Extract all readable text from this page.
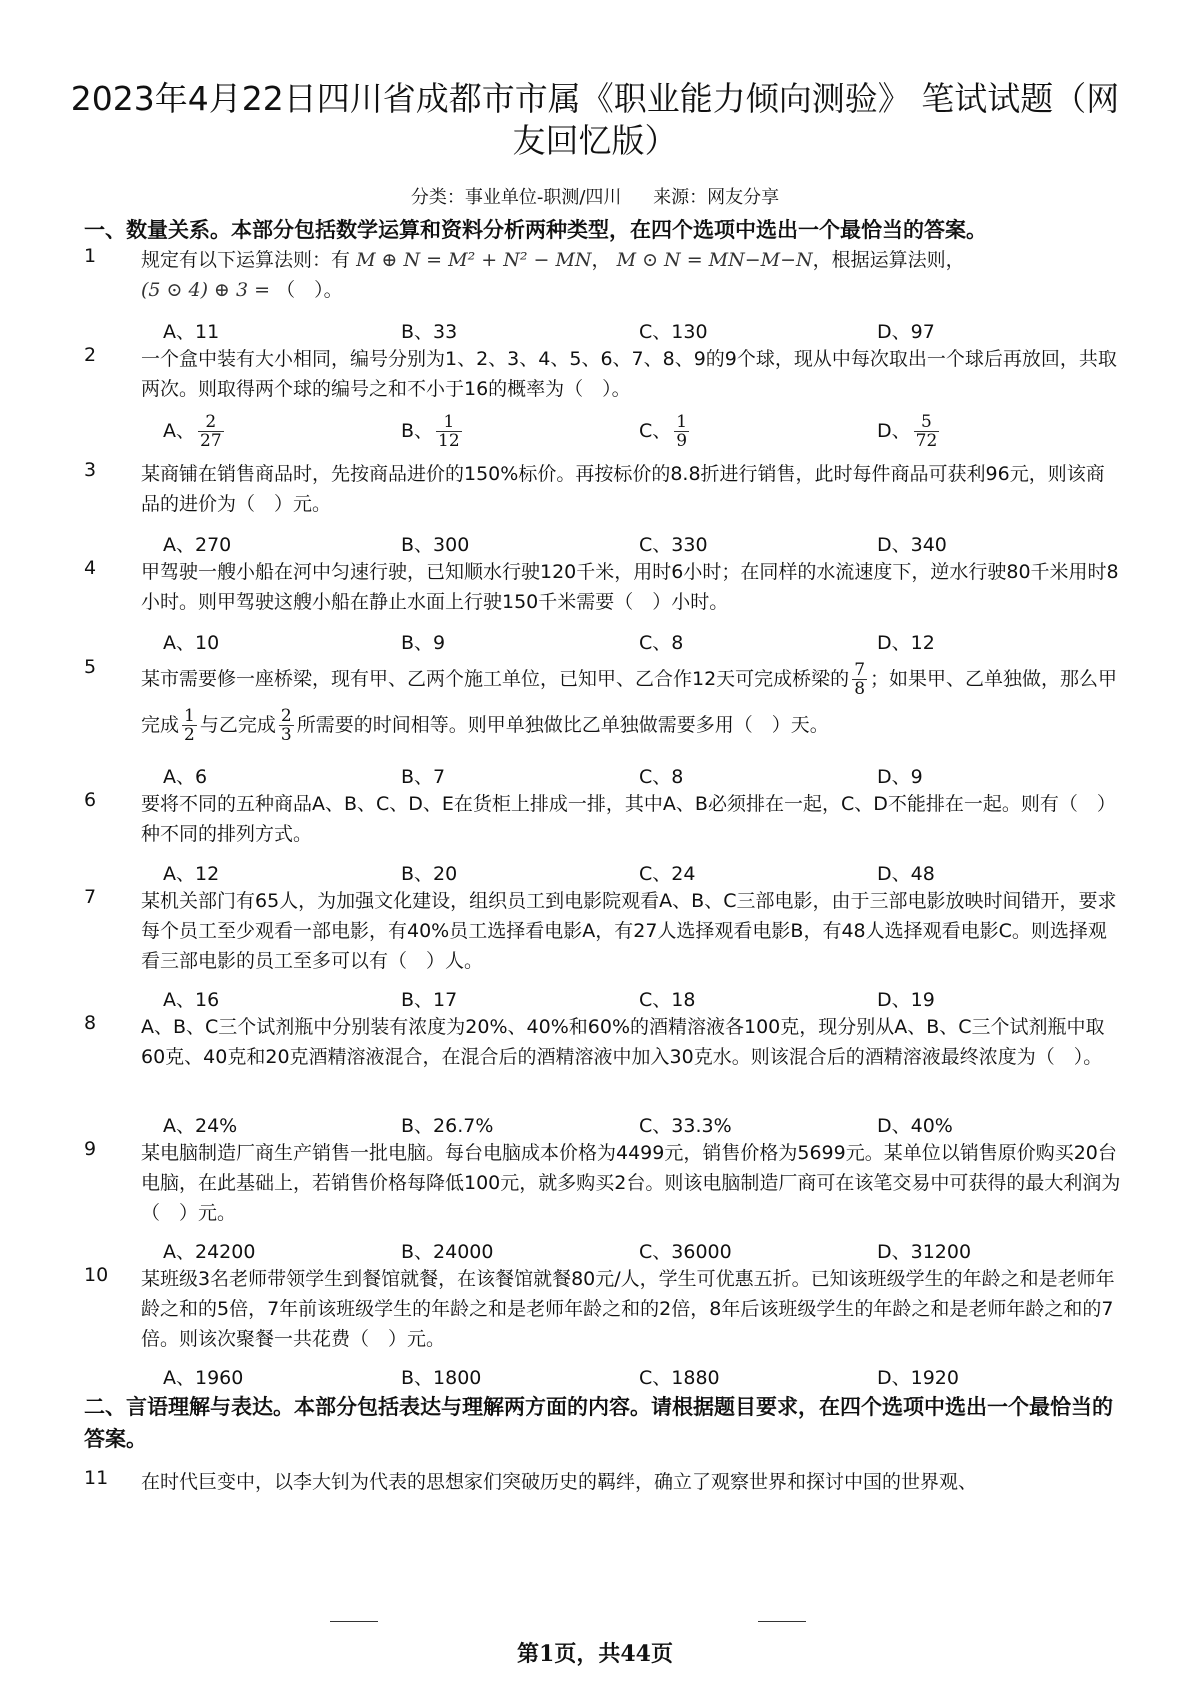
2023年4月22日四川省成都市市属《职业能力倾向测验》 笔试试题（网友回忆版）
分类：事业单位-职测/四川 来源：网友分享
一、数量关系。本部分包括数学运算和资料分析两种类型，在四个选项中选出一个最恰当的答案。
1	规定有以下运算法则：有 M ⊕ N = M² + N² − MN， M ⊙ N = MN−M−N，根据运算法则，
(5 ⊙ 4) ⊕ 3 = （　）。
A、11	B、33	C、130	D、97
2	一个盒中装有大小相同，编号分别为1、2、3、4、5、6、7、8、9的9个球，现从中每次取出一个球后再放回，共取两次。则取得两个球的编号之和不小于16的概率为（　）。
A、 $\frac{2}{27}$	B、 $\frac{1}{12}$	C、 $\frac{1}{9}$	D、 $\frac{5}{72}$
3	某商铺在销售商品时，先按商品进价的150%标价。再按标价的8.8折进行销售，此时每件商品可获利96元，则该商品的进价为（　）元。
A、270	B、300	C、330	D、340
4	甲驾驶一艘小船在河中匀速行驶，已知顺水行驶120千米，用时6小时；在同样的水流速度下，逆水行驶80千米用时8小时。则甲驾驶这艘小船在静止水面上行驶150千米需要（　）小时。
A、10	B、9	C、8	D、12
5
某市需要修一座桥梁，现有甲、乙两个施工单位，已知甲、乙合作12天可完成桥梁的 $\frac{7}{8}$ ；如果甲、乙单独做，那么甲完成 $\frac{1}{2}$ 与乙完成 $\frac{2}{3}$ 所需要的时间相等。则甲单独做比乙单独做需要多用（　）天。
A、6	B、7	C、8	D、9
6	要将不同的五种商品A、B、C、D、E在货柜上排成一排，其中A、B必须排在一起，C、D不能排在一起。则有（　）种不同的排列方式。
A、12	B、20	C、24	D、48
7	某机关部门有65人，为加强文化建设，组织员工到电影院观看A、B、C三部电影，由于三部电影放映时间错开，要求每个员工至少观看一部电影，有40%员工选择看电影A，有27人选择观看电影B，有48人选择观看电影C。则选择观看三部电影的员工至多可以有（　）人。
A、16	B、17	C、18	D、19
8	A、B、C三个试剂瓶中分别装有浓度为20%、40%和60%的酒精溶液各100克，现分别从A、B、C三个试剂瓶中取60克、40克和20克酒精溶液混合，在混合后的酒精溶液中加入30克水。则该混合后的酒精溶液最终浓度为（　）。
A、24%	B、26.7%	C、33.3%	D、40%
9	某电脑制造厂商生产销售一批电脑。每台电脑成本价格为4499元，销售价格为5699元。某单位以销售原价购买20台电脑，在此基础上，若销售价格每降低100元，就多购买2台。则该电脑制造厂商可在该笔交易中可获得的最大利润为（　）元。
A、24200	B、24000	C、36000	D、31200
10	某班级3名老师带领学生到餐馆就餐，在该餐馆就餐80元/人，学生可优惠五折。已知该班级学生的年龄之和是老师年龄之和的5倍，7年前该班级学生的年龄之和是老师年龄之和的2倍，8年后该班级学生的年龄之和是老师年龄之和的7倍。则该次聚餐一共花费（　）元。
A、1960	B、1800	C、1880	D、1920
二、言语理解与表达。本部分包括表达与理解两方面的内容。请根据题目要求，在四个选项中选出一个最恰当的答案。
11	在时代巨变中，以李大钊为代表的思想家们突破历史的羁绊，确立了观察世界和探讨中国的世界观、
第1页，共44页
